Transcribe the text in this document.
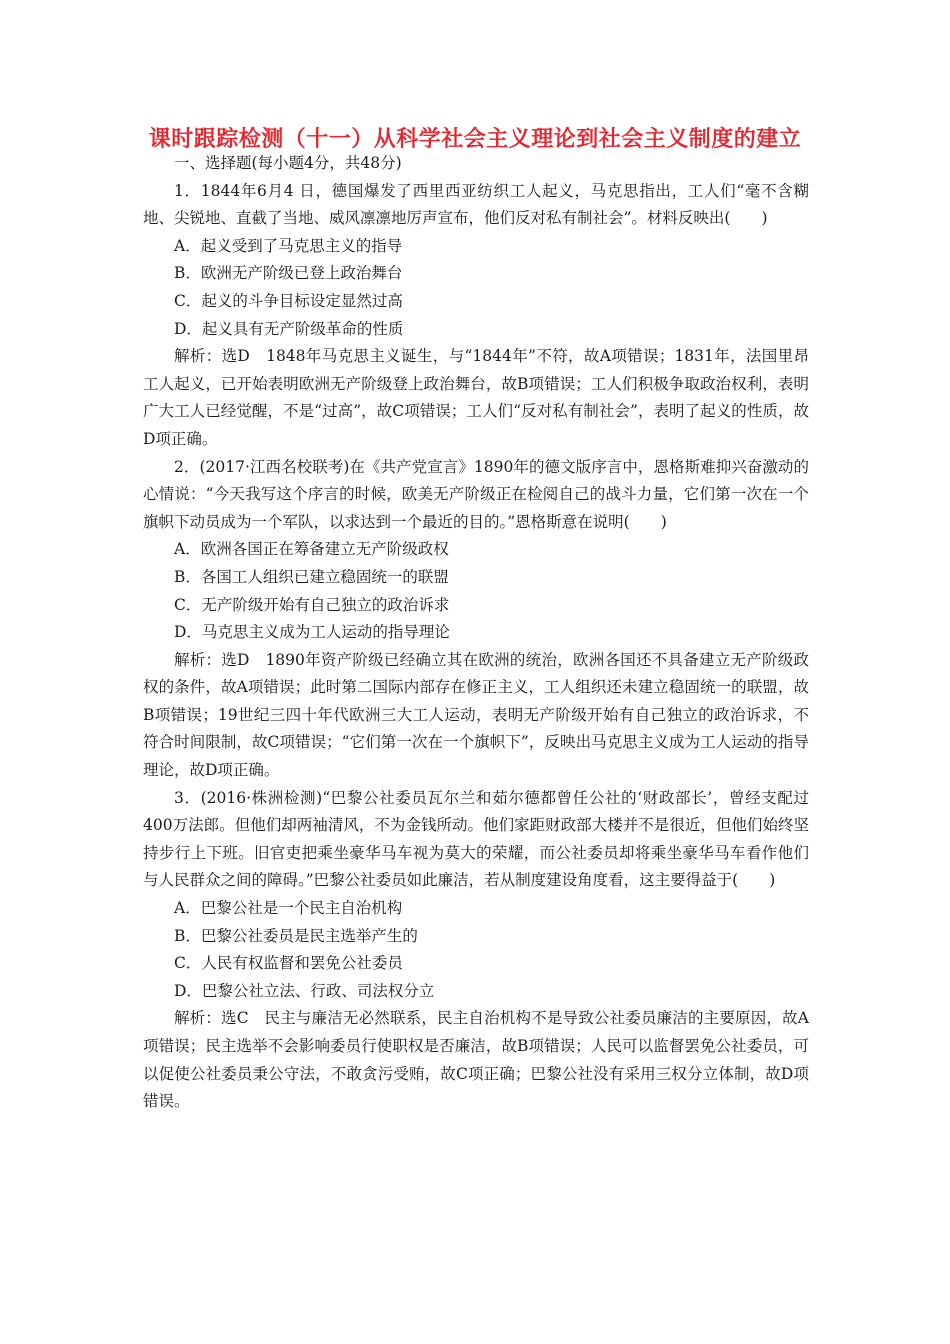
课时跟踪检测（十一）从科学社会主义理论到社会主义制度的建立

一、选择题(每小题4分，共48分)

1．1844年6月4 日，德国爆发了西里西亚纺织工人起义，马克思指出，工人们“毫不含糊地、尖锐地、直截了当地、威风凛凛地厉声宣布，他们反对私有制社会”。材料反映出(　　)

A．起义受到了马克思主义的指导

B．欧洲无产阶级已登上政治舞台

C．起义的斗争目标设定显然过高

D．起义具有无产阶级革命的性质

解析：选D　1848年马克思主义诞生，与“1844年”不符，故A项错误；1831年，法国里昂工人起义，已开始表明欧洲无产阶级登上政治舞台，故B项错误；工人们积极争取政治权利，表明广大工人已经觉醒，不是“过高”，故C项错误；工人们“反对私有制社会”，表明了起义的性质，故D项正确。

2．(2017·江西名校联考)在《共产党宣言》1890年的德文版序言中，恩格斯难抑兴奋激动的心情说：“今天我写这个序言的时候，欧美无产阶级正在检阅自己的战斗力量，它们第一次在一个旗帜下动员成为一个军队，以求达到一个最近的目的。”恩格斯意在说明(　　)

A．欧洲各国正在筹备建立无产阶级政权

B．各国工人组织已建立稳固统一的联盟

C．无产阶级开始有自己独立的政治诉求

D．马克思主义成为工人运动的指导理论

解析：选D　1890年资产阶级已经确立其在欧洲的统治，欧洲各国还不具备建立无产阶级政权的条件，故A项错误；此时第二国际内部存在修正主义，工人组织还未建立稳固统一的联盟，故B项错误；19世纪三四十年代欧洲三大工人运动，表明无产阶级开始有自己独立的政治诉求，不符合时间限制，故C项错误；“它们第一次在一个旗帜下”，反映出马克思主义成为工人运动的指导理论，故D项正确。

3．(2016·株洲检测)“巴黎公社委员瓦尔兰和茹尔德都曾任公社的‘财政部长’，曾经支配过400万法郎。但他们却两袖清风，不为金钱所动。他们家距财政部大楼并不是很近，但他们始终坚持步行上下班。旧官吏把乘坐豪华马车视为莫大的荣耀，而公社委员却将乘坐豪华马车看作他们与人民群众之间的障碍。”巴黎公社委员如此廉洁，若从制度建设角度看，这主要得益于(　　)

A．巴黎公社是一个民主自治机构

B．巴黎公社委员是民主选举产生的

C．人民有权监督和罢免公社委员

D．巴黎公社立法、行政、司法权分立

解析：选C　民主与廉洁无必然联系，民主自治机构不是导致公社委员廉洁的主要原因，故A项错误；民主选举不会影响委员行使职权是否廉洁，故B项错误；人民可以监督罢免公社委员，可以促使公社委员秉公守法，不敢贪污受贿，故C项正确；巴黎公社没有采用三权分立体制，故D项错误。
